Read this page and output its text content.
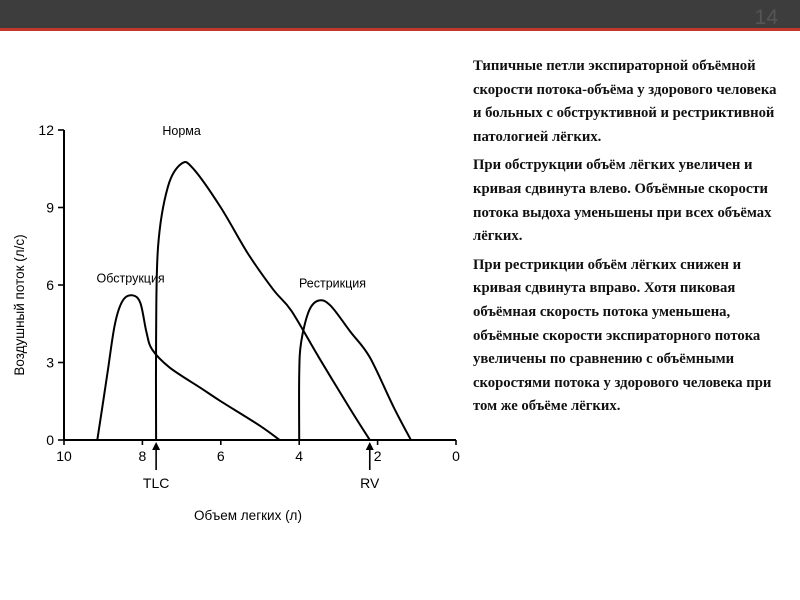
14

Типичные петли экспираторной объёмной скорости потока-объёма у здорового человека и больных с обструктивной и рестриктивной патологией лёгких.

При обструкции объём лёгких увеличен и кривая сдвинута влево. Объёмные скорости потока выдоха уменьшены при всех объёмах лёгких.

При рестрикции объём лёгких снижен и кривая сдвинута вправо. Хотя пиковая объёмная скорость потока уменьшена, объёмные скорости экспираторного потока увеличены по сравнению с объёмными скоростями потока у здорового человека при том же объёме лёгких.

0
3
6
9
12
10	8	6	4	2	0
Обструкция
Норма
Рестрикция
TLC	RV
Объем легких (л)
Воздушный поток (л/с)
